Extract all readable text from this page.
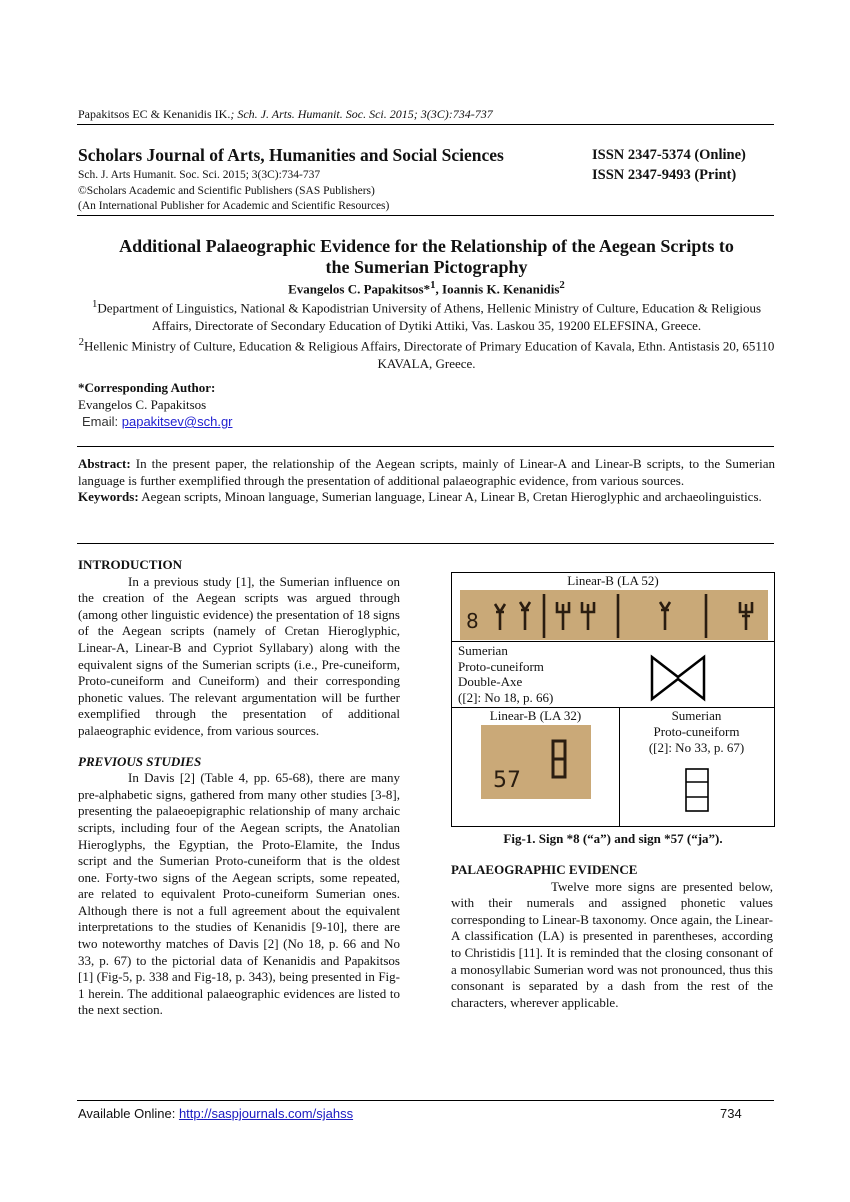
Papakitsos EC & Kenanidis IK.; Sch. J. Arts. Humanit. Soc. Sci. 2015; 3(3C):734-737
Scholars Journal of Arts, Humanities and Social Sciences	ISSN 2347-5374 (Online)
ISSN 2347-9493 (Print)
Sch. J. Arts Humanit. Soc. Sci. 2015; 3(3C):734-737
©Scholars Academic and Scientific Publishers (SAS Publishers)
(An International Publisher for Academic and Scientific Resources)
Additional Palaeographic Evidence for the Relationship of the Aegean Scripts to
the Sumerian Pictography
Evangelos C. Papakitsos*$^1$, Ioannis K. Kenanidis$^2$
$^1$Department of Linguistics, National & Kapodistrian University of Athens, Hellenic Ministry of Culture, Education & Religious Affairs, Directorate of Secondary Education of Dytiki Attiki, Vas. Laskou 35, 19200 ELEFSINA, Greece.
$^2$Hellenic Ministry of Culture, Education & Religious Affairs, Directorate of Primary Education of Kavala, Ethn. Antistasis 20, 65110 KAVALA, Greece.
*Corresponding Author:
Evangelos C. Papakitsos
Email: papakitsev@sch.gr
Abstract: In the present paper, the relationship of the Aegean scripts, mainly of Linear-A and Linear-B scripts, to the Sumerian language is further exemplified through the presentation of additional palaeographic evidence, from various sources.
Keywords: Aegean scripts, Minoan language, Sumerian language, Linear A, Linear B, Cretan Hieroglyphic and archaeolinguistics.
INTRODUCTION
In a previous study [1], the Sumerian influence on the creation of the Aegean scripts was argued through (among other linguistic evidence) the presentation of 18 signs of the Aegean scripts (namely of Cretan Hieroglyphic, Linear-A, Linear-B and Cypriot Syllabary) along with the equivalent signs of the Sumerian scripts (i.e., Pre-cuneiform, Proto-cuneiform and Cuneiform) and their corresponding phonetic values. The relevant argumentation will be further exemplified through the presentation of additional palaeographic evidence, from various sources.
PREVIOUS STUDIES
In Davis [2] (Table 4, pp. 65-68), there are many pre-alphabetic signs, gathered from many other studies [3-8], presenting the palaeoepigraphic relationship of many archaic scripts, including four of the Aegean scripts, the Anatolian Hieroglyphs, the Egyptian, the Proto-Elamite, the Indus script and the Sumerian Proto-cuneiform that is the oldest one. Forty-two signs of the Aegean scripts, some repeated, are related to equivalent Proto-cuneiform Sumerian ones. Although there is not a full agreement about the equivalent interpretations to the studies of Kenanidis [9-10], there are two noteworthy matches of Davis [2] (No 18, p. 66 and No 33, p. 67) to the pictorial data of Kenanidis and Papakitsos [1] (Fig-5, p. 338 and Fig-18, p. 343), being presented in Fig-1 herein. The additional palaeographic evidences are listed to the next section.
Linear-B (LA 52)
8
Sumerian
Proto-cuneiform
Double-Axe
([2]: No 18, p. 66)
Linear-B (LA 32)
57
Sumerian
Proto-cuneiform
([2]: No 33, p. 67)
Fig-1. Sign *8 (“a”) and sign *57 (“ja”).
PALAEOGRAPHIC EVIDENCE
Twelve more signs are presented below, with their numerals and assigned phonetic values corresponding to Linear-B taxonomy. Once again, the Linear-A classification (LA) is presented in parentheses, according to Christidis [11]. It is reminded that the closing consonant of a monosyllabic Sumerian word was not pronounced, thus this consonant is separated by a dash from the rest of the characters, wherever applicable.
Available Online: http://saspjournals.com/sjahss	734
